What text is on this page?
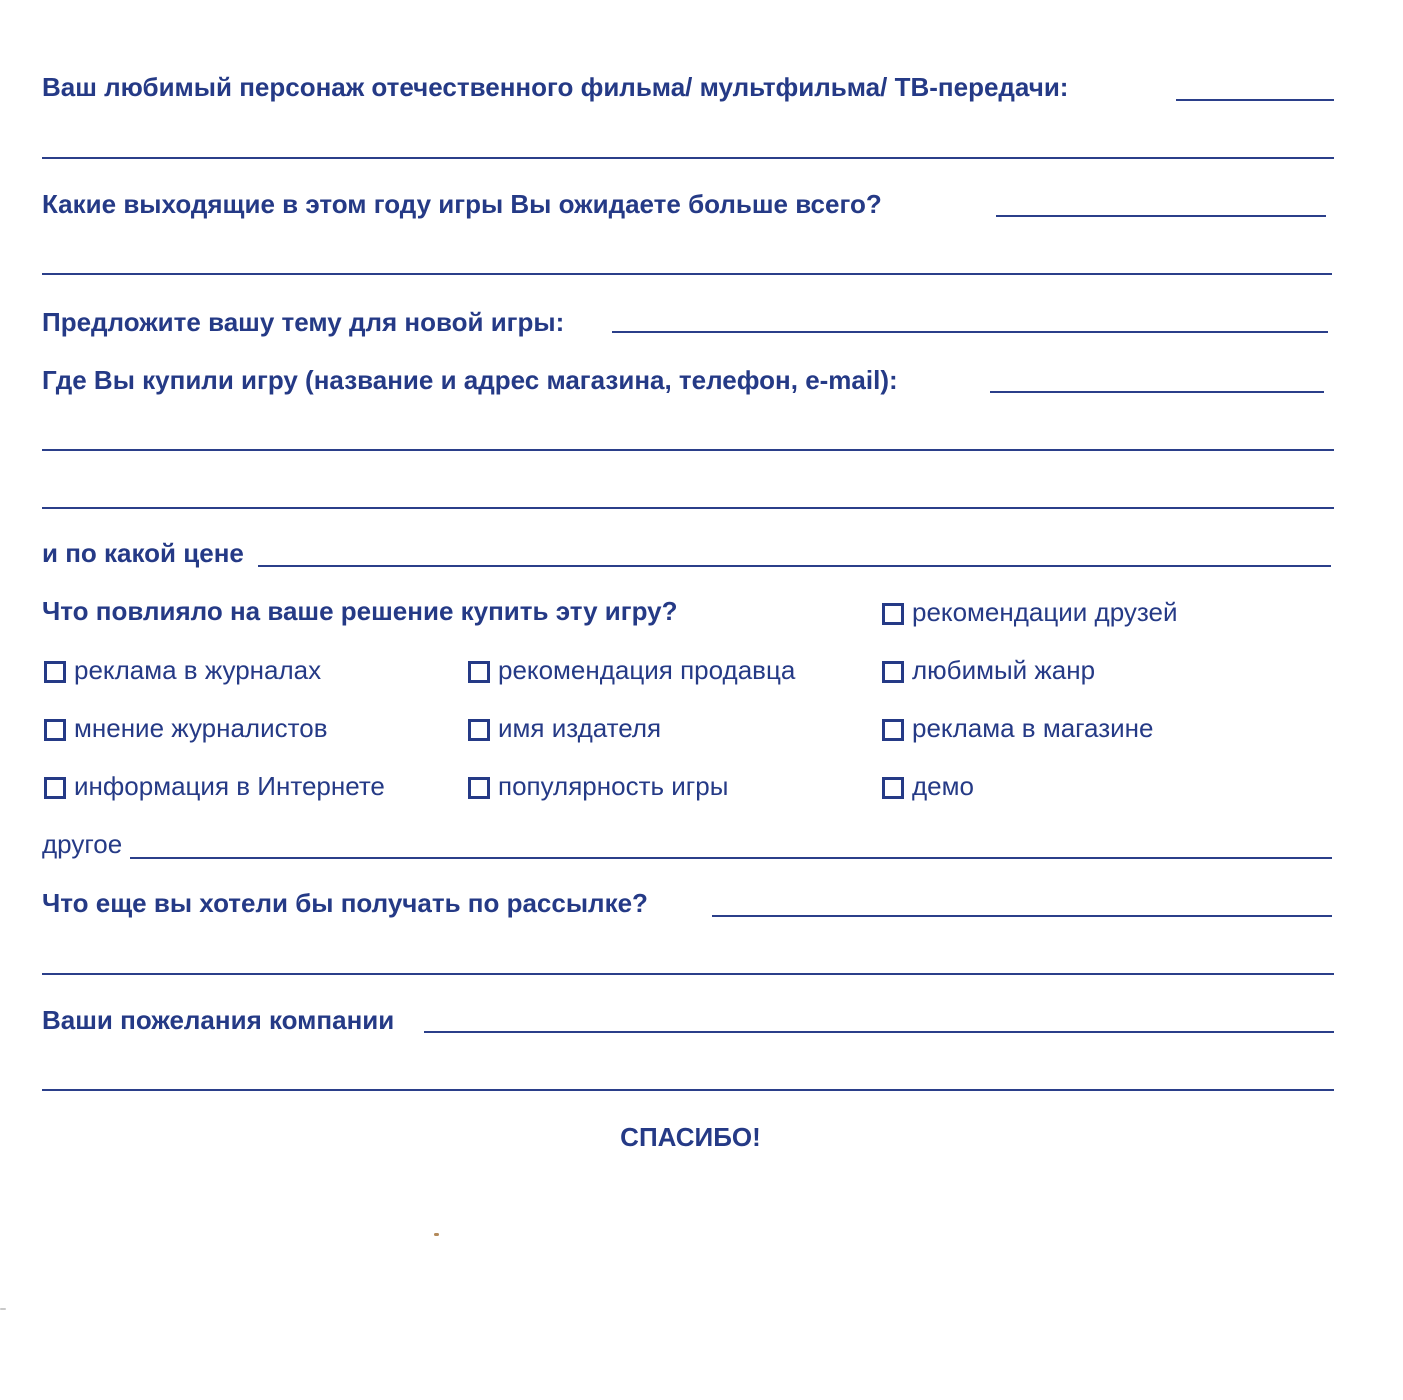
Ваш любимый персонаж отечественного фильма/ мультфильма/ ТВ-передачи:
Какие выходящие в этом году игры Вы ожидаете больше всего?
Предложите вашу тему для новой игры:
Где Вы купили игру (название и адрес магазина, телефон, e-mail):
и по какой цене
Что повлияло на ваше решение купить эту игру?	рекомендации друзей
реклама в журналах	рекомендация продавца	любимый жанр
мнение журналистов	имя издателя	реклама в магазине
информация в Интернете	популярность игры	демо
другое
Что еще вы хотели бы получать по рассылке?
Ваши пожелания компании
СПАСИБО!
